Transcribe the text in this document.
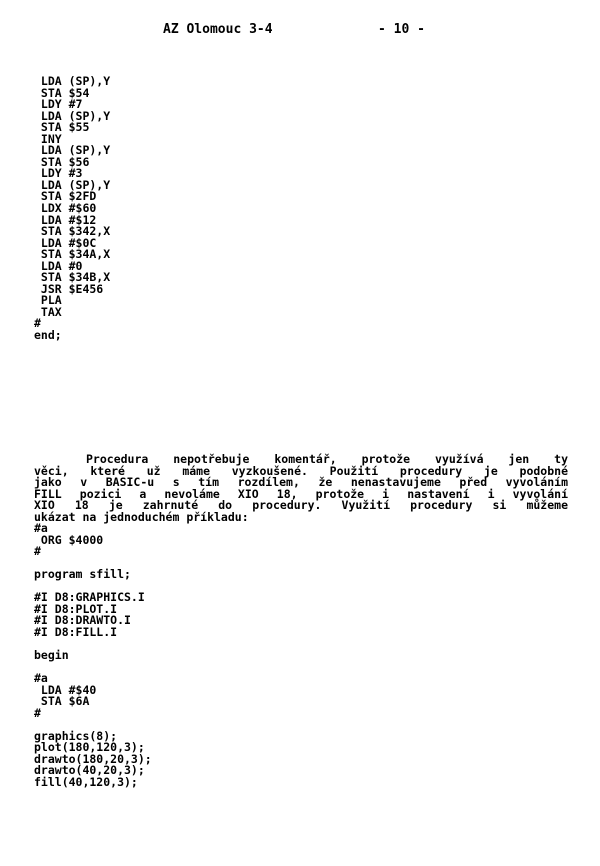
AZ Olomouc 3-4	- 10 -
LDA (SP),Y
STA $54
LDY #7
LDA (SP),Y
STA $55
INY
LDA (SP),Y
STA $56
LDY #3
LDA (SP),Y
STA $2FD
LDX #$60
LDA #$12
STA $342,X
LDA #$0C
STA $34A,X
LDA #0
STA $34B,X
JSR $E456
PLA
TAX
#
end;
Procedura nepotřebuje komentář, protože využívá jen ty
věci, které už máme vyzkoušené. Použití procedury je podobné
jako v BASIC-u s tím rozdílem, že nenastavujeme před vyvoláním
FILL pozici a nevoláme XIO 18, protože i nastavení i vyvolání
XIO 18 je zahrnuté do procedury. Využití procedury si můžeme
ukázat na jednoduchém příkladu:
#a
ORG $4000
#
program sfill;
#I D8:GRAPHICS.I
#I D8:PLOT.I
#I D8:DRAWTO.I
#I D8:FILL.I
begin
#a
LDA #$40
STA $6A
#
graphics(8);
plot(180,120,3);
drawto(180,20,3);
drawto(40,20,3);
fill(40,120,3);
